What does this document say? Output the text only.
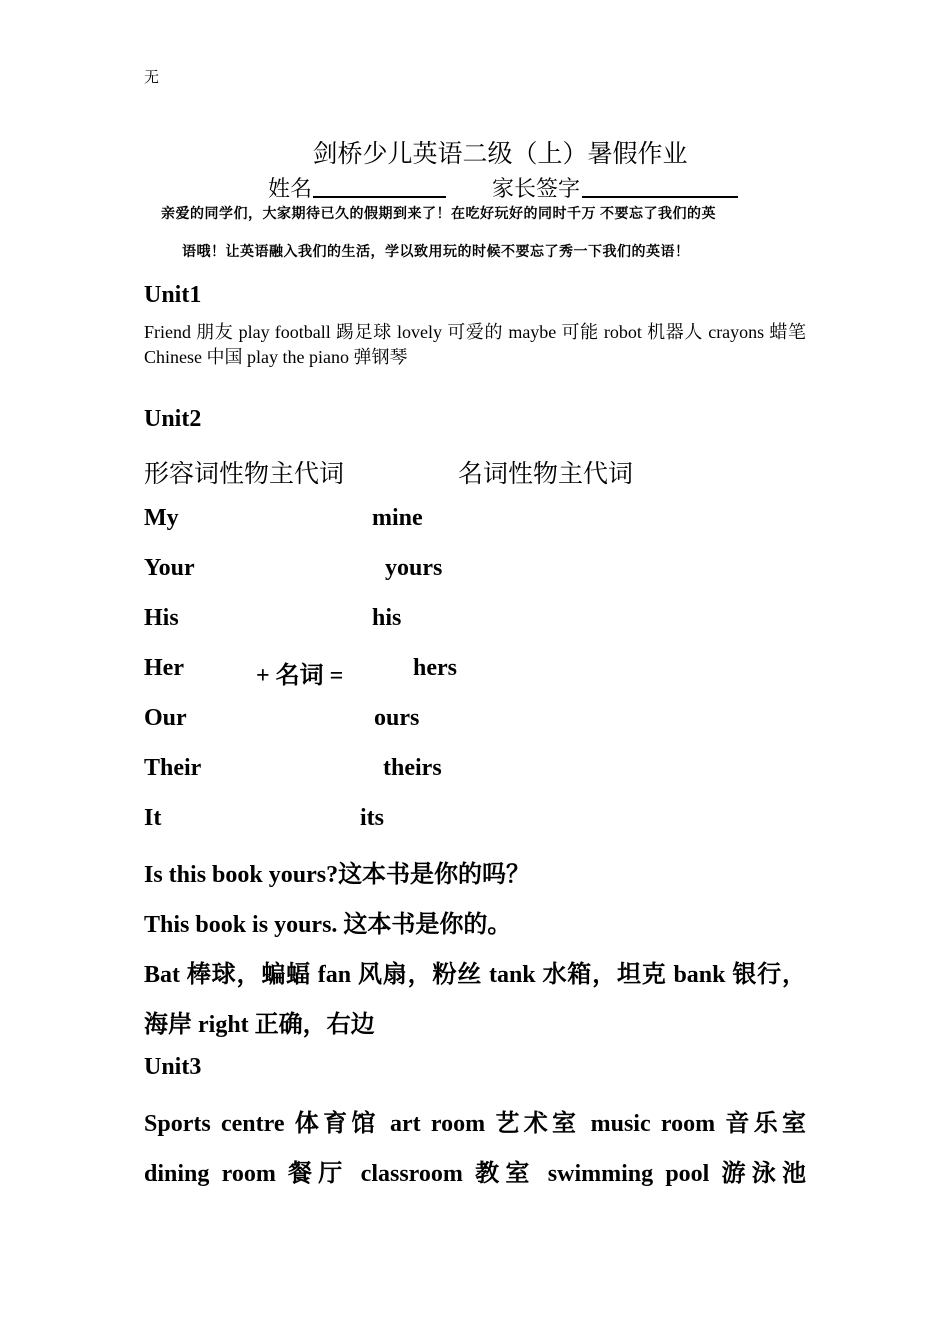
无
剑桥少儿英语二级（上）暑假作业
姓名	家长签字
亲爱的同学们，大家期待已久的假期到来了！在吃好玩好的同时千万 不要忘了我们的英
语哦！让英语融入我们的生活，学以致用玩的时候不要忘了秀一下我们的英语！
Unit1
Friend 朋友 play football 踢足球 lovely 可爱的 maybe 可能 robot 机器人 crayons 蜡笔 Chinese 中国 play the piano 弹钢琴
Unit2
形容词性物主代词	名词性物主代词
My	mine
Your	yours
His	his
Her	+ 名词 =	hers
Our	ours
Their	theirs
It	its
Is this book yours?这本书是你的吗？
This book is yours. 这本书是你的。
Bat 棒球，蝙蝠 fan 风扇，粉丝 tank 水箱，坦克 bank 银行，
海岸 right 正确，右边
Unit3
Sports centre 体育馆 art room 艺术室 music room 音乐室
dining room 餐厅 classroom 教室 swimming pool 游泳池
